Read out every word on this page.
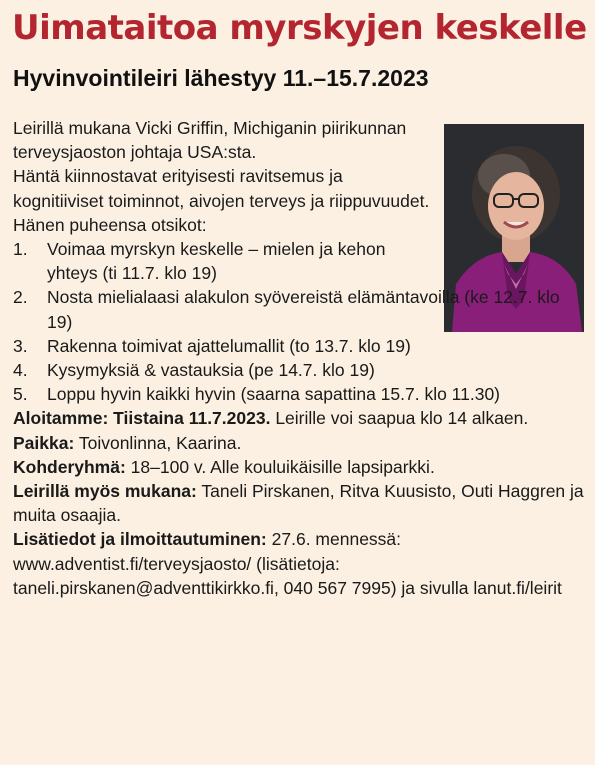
Uimataitoa myrskyjen keskelle
Hyvinvointileiri lähestyy 11.–15.7.2023

Leirillä mukana Vicki Griffin, Michiganin piirikunnan terveysjaoston johtaja USA:sta.

Häntä kiinnostavat erityisesti ravitsemus ja kognitiiviset toiminnot, aivojen terveys ja riippuvuudet. Hänen puheensa otsikot:

1.	Voimaa myrskyn keskelle – mielen ja kehon yhteys (ti 11.7. klo 19)
2.	Nosta mielialaasi alakulon syövereistä elämäntavoilla (ke 12.7. klo 19)
3.	Rakenna toimivat ajattelumallit (to 13.7. klo 19)
4.	Kysymyksiä & vastauksia (pe 14.7. klo 19)
5.	Loppu hyvin kaikki hyvin (saarna sapattina 15.7. klo 11.30)

Aloitamme: Tiistaina 11.7.2023. Leirille voi saapua klo 14 alkaen.

Paikka: Toivonlinna, Kaarina.

Kohderyhmä: 18–100 v. Alle kouluikäisille lapsiparkki.

Leirillä myös mukana: Taneli Pirskanen, Ritva Kuusisto, Outi Haggren ja muita osaajia.

Lisätiedot ja ilmoittautuminen: 27.6. mennessä: www.adventist.fi/terveysjaosto/ (lisätietoja: taneli.pirskanen@adventtikirkko.fi, 040 567 7995) ja sivulla lanut.fi/leirit
